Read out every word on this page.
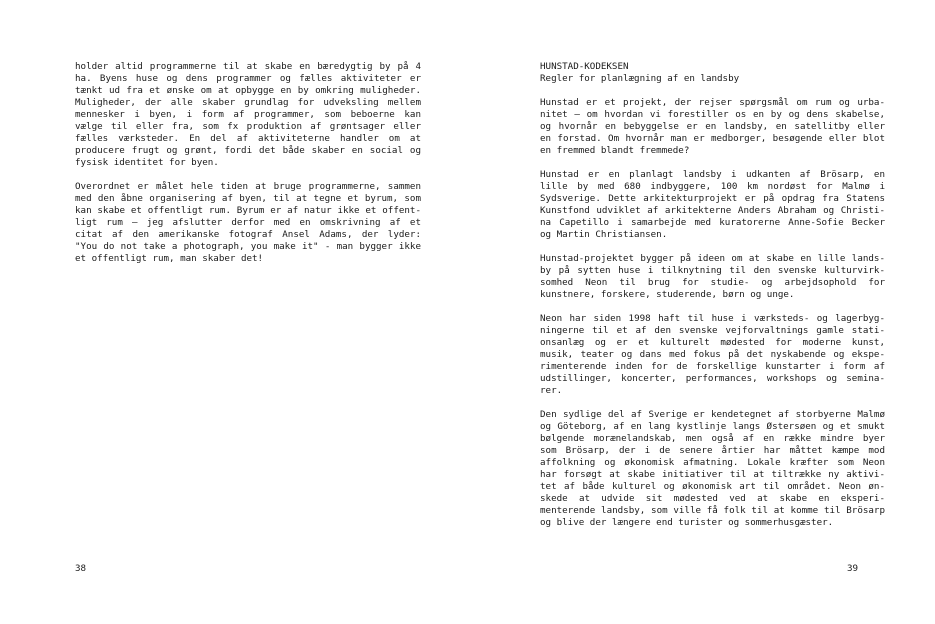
holder altid programmerne til at skabe en bæredygtig by på 4
ha. Byens huse og dens programmer og fælles aktiviteter er
tænkt ud fra et ønske om at opbygge en by omkring muligheder.
Muligheder, der alle skaber grundlag for udveksling mellem
mennesker i byen, i form af programmer, som beboerne kan
vælge til eller fra, som fx produktion af grøntsager eller
fælles værksteder. En del af aktiviteterne handler om at
producere frugt og grønt, fordi det både skaber en social og
fysisk identitet for byen.
Overordnet er målet hele tiden at bruge programmerne, sammen
med den åbne organisering af byen, til at tegne et byrum, som
kan skabe et offentligt rum. Byrum er af natur ikke et offent-
ligt rum — jeg afslutter derfor med en omskrivning af et
citat af den amerikanske fotograf Ansel Adams, der lyder:
"You do not take a photograph, you make it" - man bygger ikke
et offentligt rum, man skaber det!
38
HUNSTAD-KODEKSEN
Regler for planlægning af en landsby
Hunstad er et projekt, der rejser spørgsmål om rum og urba-
nitet — om hvordan vi forestiller os en by og dens skabelse,
og hvornår en bebyggelse er en landsby, en satellitby eller
en forstad. Om hvornår man er medborger, besøgende eller blot
en fremmed blandt fremmede?
Hunstad er en planlagt landsby i udkanten af Brösarp, en
lille by med 680 indbyggere, 100 km nordøst for Malmø i
Sydsverige. Dette arkitekturprojekt er på opdrag fra Statens
Kunstfond udviklet af arkitekterne Anders Abraham og Christi-
na Capetillo i samarbejde med kuratorerne Anne-Sofie Becker
og Martin Christiansen.
Hunstad-projektet bygger på ideen om at skabe en lille lands-
by på sytten huse i tilknytning til den svenske kulturvirk-
somhed Neon til brug for studie- og arbejdsophold for
kunstnere, forskere, studerende, børn og unge.
Neon har siden 1998 haft til huse i værksteds- og lagerbyg-
ningerne til et af den svenske vejforvaltnings gamle stati-
onsanlæg og er et kulturelt mødested for moderne kunst,
musik, teater og dans med fokus på det nyskabende og ekspe-
rimenterende inden for de forskellige kunstarter i form af
udstillinger, koncerter, performances, workshops og semina-
rer.
Den sydlige del af Sverige er kendetegnet af storbyerne Malmø
og Göteborg, af en lang kystlinje langs Østersøen og et smukt
bølgende morænelandskab, men også af en række mindre byer
som Brösarp, der i de senere årtier har måttet kæmpe mod
affolkning og økonomisk afmatning. Lokale kræfter som Neon
har forsøgt at skabe initiativer til at tiltrække ny aktivi-
tet af både kulturel og økonomisk art til området. Neon øn-
skede at udvide sit mødested ved at skabe en eksperi-
menterende landsby, som ville få folk til at komme til Brösarp
og blive der længere end turister og sommerhusgæster.
39
